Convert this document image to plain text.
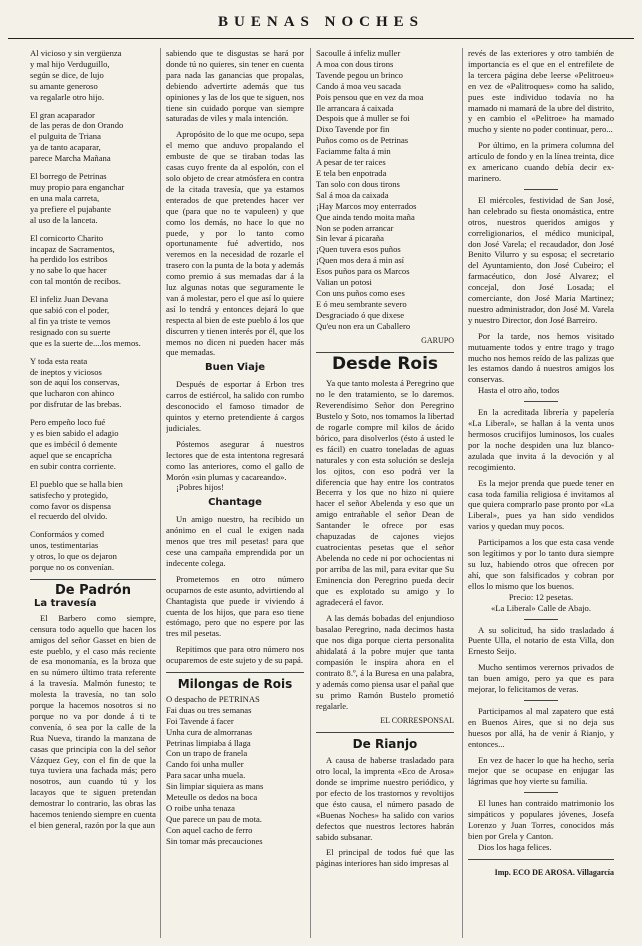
BUENAS NOCHES
Al vicioso y sin vergüenza
y mal hijo Verduguillo,
según se dice, de lujo
su amante generoso
va regalarle otro hijo.
El gran acaparador
de las peras de don Orando
el pulguita de Triana
ya de tanto acaparar,
parece Marcha Mañana
El borrego de Petrinas
muy propio para enganchar
en una mala carreta,
ya prefiere el pujabante
al uso de la lanceta.
El cornicorto Charito
incapaz de Sacramentos,
ha perdido los estribos
y no sabe lo que hacer
con tal montón de recibos.
El infeliz Juan Devana
que sabió con el poder,
al fin ya triste te vemos
resignado con su suerte
que es la suerte de....los memos.
Y toda esta reata
de ineptos y viciosos
son de aquí los conservas,
que lucharon con ahinco
por disfrutar de las brebas.
Pero empeño loco fué
y es bien sabido el adagio
que es imbécil ó demente
aquel que se encaprícha
en subir contra corriente.
El pueblo que se halla bien
satisfecho y protegido,
como favor os dispensa
el recuerdo del olvido.
Conformáos y comed
unos, testimentarias
y otros, lo que os dejaron
porque no os convenían.
De Padrón
La travesía

El Barbero como siempre, censura todo aquello que hacen los amigos del señor Gasset en bien de este pueblo, y el caso más reciente de esa monomanía, es la broza que en su número último trata referente á la travesía. Malmón funesto; te molesta la travesía, no tan solo porque la hacemos nosotros si no porque no va por donde á ti te convenía, ó sea por la calle de la Rua Nueva, tirando la manzana de casas que principia con la del señor Vázquez Gey, con el fin de que la tuya tuviera una fachada más; pero nosotros, aun cuando tú y los lacayos que te siguen pretendan demostrar lo contrario, las obras las hacemos teniendo siempre en cuenta el bien general, razón por la que aun

sabiendo que te disgustas se hará por donde tú no quieres, sin tener en cuenta para nada las ganancias que propalas, debiendo advertirte además que tus opiniones y las de los que te siguen, nos tiene sin cuidado porque van siempre saturadas de viles y mala intención.

Apropósito de lo que me ocupo, sepa el memo que anduvo propalando el embuste de que se tiraban todas las casas cuyo frente da al espolón, con el solo objeto de crear atmósfera en contra de la citada travesía, que ya estamos enterados de que pretendes hacer ver que (para que no te vapuleen) y que como los demás, no hace lo que no puede, y por lo tanto como oportunamente fué advertido, nos veremos en la necesidad de rozarle el trasero con la punta de la bota y además como premio á sus memadas dar á la luz algunas notas que seguramente le van á molestar, pero el que así lo quiere así lo tendrá y entonces dejará lo que respecta al bien de este pueblo á los que discurren y tienen interés por él, que los memos no dicen ni pueden hacer más que memadas.

Buen Viaje

Después de esportar á Erbon tres carros de estiércol, ha salido con rumbo desconocido el famoso timador de quintos y eterno pretendiente á cargos judiciales.

Póstemos asegurar á nuestros lectores que de esta intentona regresará como las anteriores, como el gallo de Morón «sin plumas y cacareando».

¡Pobres hijos!

Chantage

Un amigo nuestro, ha recibido un anónimo en el cual le exigen nada menos que tres mil pesetas! para que cese una campaña emprendida por un indecente colega.

Prometemos en otro número ocuparnos de este asunto, advirtiendo al Chantagista que puede ir viviendo á cuenta de los hijos, que para eso tiene estómago, pero que no espere por las tres mil pesetas.

Repitimos que para otro número nos ocuparemos de este sujeto y de su papá.

Milongas de Rois
O despacho de PETRINAS
Fai duas ou tres semanas
Foi Tavende á facer
Unha cura de almorranas
Petrinas limpiaba á llaga
Con un trapo de franela
Cando foi unha muller
Para sacar unha muela.
Sin limpiar siquiera as mans
Meteulle os dedos na boca
O roibe unha tenaza
Que parece un pau de mota.
Con aquel cacho de ferro
Sin tomar más precauciones
Sacoulle á infeliz muller
A moa con dous tirons
Tavende pegou un brinco
Cando á moa veu sacada
Pois pensou que en vez da moa
Ile arrancara á caixada
Despois que á muller se foi
Dixo Tavende por fin
Puños como os de Petrinas
Faciamme falta á min
A pesar de ter raices
E tela ben enpotrada
Tan solo con dous tirons
Sal á moa da caixada
¡Hay Marcos moy enterrados
Que ainda tendo moita maña
Non se poden arrancar
Sin levar á picaraña
¡Quen tuvera esos puños
¡Quen mos dera á min así
Esos puños para os Marcos
Valian un potosi
Con uns puños como eses
E ó meu sembrante severo
Desgraciado ó que dixese
Qu'eu non era un Caballero
GARUPO
Desde Rois

Ya que tanto molesta á Peregrino que no le den tratamiento, se lo daremos. Reverendísimo Señor don Peregrino Bustelo y Soto, nos tomamos la libertad de rogarle compre mil kilos de ácido bórico, para disolverlos (ésto á usted le es fácil) en cuatro toneladas de aguas naturales y con esta solución se desleja los ojitos, con eso podrá ver la diferencia que hay entre los contratos Becerra y los que no hizo ni quiere hacer el señor Abelenda y eso que un amigo entrañable el señor Dean de Santander le ofrece por esas chapuzadas de cajones viejos cuatrocientas pesetas que el señor Abelenda no cede ni por ochocientas ni por arriba de las mil, para evitar que Su Eminencia don Peregrino pueda decir que es explotado su amigo y lo agradecerá el favor.

A las demás bobadas del enjundioso basalao Peregrino, nada decimos hasta que nos diga porque cierta personalita ahidalatá á la pobre mujer que tanta compasión le inspira ahora en el contrato 8.º, á la Buresa en una palabra, y además como piensa usar el pañal que su primo Ramón Bustelo prometió regalarle.

EL CORRESPONSAL
De Rianjo

A causa de haberse trasladado para otro local, la imprenta «Eco de Arosa» donde se imprime nuestro periódico, y por efecto de los trastornos y revoltijos que ésto causa, el número pasado de «Buenas Noches» ha salido con varios defectos que nuestros lectores habrán sabido subsanar.

El principal de todos fué que las páginas interiores han sido impresas al

revés de las exteriores y otro también de importancia es el que en el entrefilete de la tercera página debe leerse «Pelitroeu» en vez de «Palitroques» como ha salido, pues este individuo todavía no ha mamado ni mamará de la ubre del distrito, y en cambio el «Pelitroe» ha mamado mucho y siente no poder continuar, pero...

Por último, en la primera columna del artículo de fondo y en la línea treinta, dice ex americano cuando debía decir ex-marinero.

El miércoles, festividad de San José, han celebrado su fiesta onomástica, entre otros, nuestros queridos amigos y correligionarios, el médico municipal, don José Varela; el recaudador, don José Benito Vilurro y su esposa; el secretario del Ayuntamiento, don José Cubeiro; el farmacéutico, don José Alvarez; el concejal, don José Losada; el comerciante, don José Maria Martinez; nuestro administrador, don José M. Varela y nuestro Director, don José Barreiro.

Por la tarde, nos hemos visitado mutuamente todos y entre trago y trago mucho nos hemos reído de las palizas que les estamos dando á nuestros amigos los conservas.

Hasta el otro año, todos

En la acreditada librería y papelería «La Liberal», se hallan á la venta unos hermosos crucifijos luminosos, los cuales por la noche despiden una luz blanco-azulada que invita á la devoción y al recogimiento.

Es la mejor prenda que puede tener en casa toda familia religiosa é invitamos al que quiera comprarlo pase pronto por «La Liberal», pues ya han sido vendidos varios y quedan muy pocos.

Participamos a los que esta casa vende son legítimos y por lo tanto dura siempre su luz, habiendo otros que ofrecen por ahí, que son falsificados y cobran por ellos lo mismo que los buenos.

Precio: 12 pesetas.

«La Liberal» Calle de Abajo.

A su solicitud, ha sido trasladado á Puente Ulla, el notario de esta Villa, don Ernesto Seijo.

Mucho sentimos verernos privados de tan buen amigo, pero ya que es para mejorar, lo felicitamos de veras.

Participamos al mal zapatero que está en Buenos Aires, que si no deja sus huesos por allá, ha de venir á Rianjo, y entonces...

En vez de hacer lo que ha hecho, sería mejor que se ocupase en enjugar las lágrimas que hoy vierte su familia.

El lunes han contraido matrimonio los simpáticos y populares jóvenes, Josefa Lorenzo y Juan Torres, conocidos más bien por Grela y Canton.

Dios los haga felices.

Imp. ECO DE AROSA. Villagarcía
